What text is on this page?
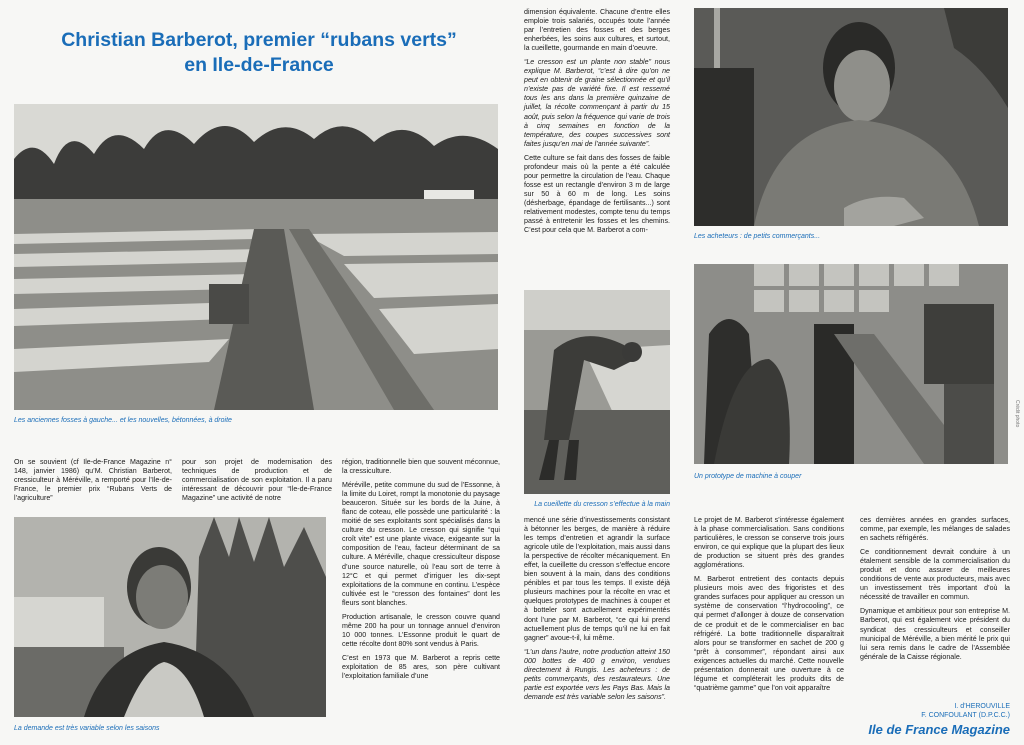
Christian Barberot, premier “rubans verts”
en Ile-de-France
Les anciennes fosses à gauche... et les nouvelles, bétonnées, à droite

On se souvient (cf Ile-de-France Magazine n° 148, janvier 1986) qu’M. Christian Barberot, cressiculteur à Méréville, a remporté pour l’Ile-de-France, le premier prix “Rubans Verts de l’agriculture”

pour son projet de modernisation des techniques de production et de commercialisation de son exploitation. Il a paru intéressant de découvrir pour “Ile-de-France Magazine” une activité de notre

La demande est très variable selon les saisons

région, traditionnelle bien que souvent méconnue, la cressiculture.

Méréville, petite commune du sud de l’Essonne, à la limite du Loiret, rompt la monotonie du paysage beauceron. Située sur les bords de la Juine, à flanc de coteau, elle possède une particularité : la moitié de ses exploitants sont spécialisés dans la culture du cresson. Le cresson qui signifie “qui croît vite” est une plante vivace, exigeante sur la composition de l’eau, facteur déterminant de sa culture. A Méréville, chaque cressiculteur dispose d’une source naturelle, où l’eau sort de terre à 12°C et qui permet d’irriguer les dix-sept exploitations de la commune en continu. L’espèce cultivée est le “cresson des fontaines” dont les fleurs sont blanches.

Production artisanale, le cresson couvre quand même 200 ha pour un tonnage annuel d’environ 10 000 tonnes. L’Essonne produit le quart de cette récolte dont 80% sont vendus à Paris.

C’est en 1973 que M. Barberot a repris cette exploitation de 85 ares, son père cultivant l’exploitation familiale d’une

dimension équivalente. Chacune d’entre elles emploie trois salariés, occupés toute l’année par l’entretien des fosses et des berges enherbées, les soins aux cultures, et surtout, la cueillette, gourmande en main d’oeuvre.

“Le cresson est un plante non stable” nous explique M. Barberot, “c’est à dire qu’on ne peut en obtenir de graine sélectionnée et qu’il n’existe pas de variété fixe. Il est ressemé tous les ans dans la première quinzaine de juillet, la récolte commençant à partir du 15 août, puis selon la fréquence qui varie de trois à cinq semaines en fonction de la température, des coupes successives sont faites jusqu’en mai de l’année suivante”.

Cette culture se fait dans des fosses de faible profondeur mais où la pente a été calculée pour permettre la circulation de l’eau. Chaque fosse est un rectangle d’environ 3 m de large sur 50 à 60 m de long. Les soins (désherbage, épandage de fertilisants...) sont relativement modestes, compte tenu du temps passé à entretenir les fosses et les chemins. C’est pour cela que M. Barberot a com-

La cueillette du cresson s’effectue à la main

mencé une série d’investissements consistant à bétonner les berges, de manière à réduire les temps d’entretien et agrandir la surface agricole utile de l’exploitation, mais aussi dans la perspective de récolter mécaniquement. En effet, la cueillette du cresson s’effectue encore bien souvent à la main, dans des conditions pénibles et par tous les temps. Il existe déjà plusieurs machines pour la récolte en vrac et quelques prototypes de machines à couper et à botteler sont actuellement expérimentés dont l’une par M. Barberot, “ce qui lui prend actuellement plus de temps qu’il ne lui en fait gagner” avoue-t-il, lui même.

“L’un dans l’autre, notre production atteint 150 000 bottes de 400 g environ, vendues directement à Rungis. Les acheteurs : de petits commerçants, des restaurateurs. Une partie est exportée vers les Pays Bas. Mais la demande est très variable selon les saisons”.

Les acheteurs : de petits commerçants...
Un prototype de machine à couper
Crédit photo

Le projet de M. Barberot s’intéresse également à la phase commercialisation. Sans conditions particulières, le cresson se conserve trois jours environ, ce qui explique que la plupart des lieux de production se situent près des grandes agglomérations.

M. Barberot entretient des contacts depuis plusieurs mois avec des frigoristes et des grandes surfaces pour appliquer au cresson un système de conservation “l’hydrocooling”, ce qui permet d’allonger à douze de conservation de ce produit et de le commercialiser en bac réfrigéré. La botte traditionnelle disparaîtrait alors pour se transformer en sachet de 200 g “prêt à consommer”, répondant ainsi aux exigences actuelles du marché. Cette nouvelle présentation donnerait une ouverture à ce légume et compléterait les produits dits de “quatrième gamme” que l’on voit apparaître

ces dernières années en grandes surfaces, comme, par exemple, les mélanges de salades en sachets réfrigérés.

Ce conditionnement devrait conduire à un étalement sensible de la commercialisation du produit et donc assurer de meilleures conditions de vente aux producteurs, mais avec un investissement très important d’où la nécessité de travailler en commun.

Dynamique et ambitieux pour son entreprise M. Barberot, qui est également vice président du syndicat des cressiculteurs et conseiller municipal de Méréville, a bien mérité le prix qui lui sera remis dans le cadre de l’Assemblée générale de la Caisse régionale.

I. d’HEROUVILLE
F. CONFOULANT (D.P.C.C.)
Ile de France Magazine
